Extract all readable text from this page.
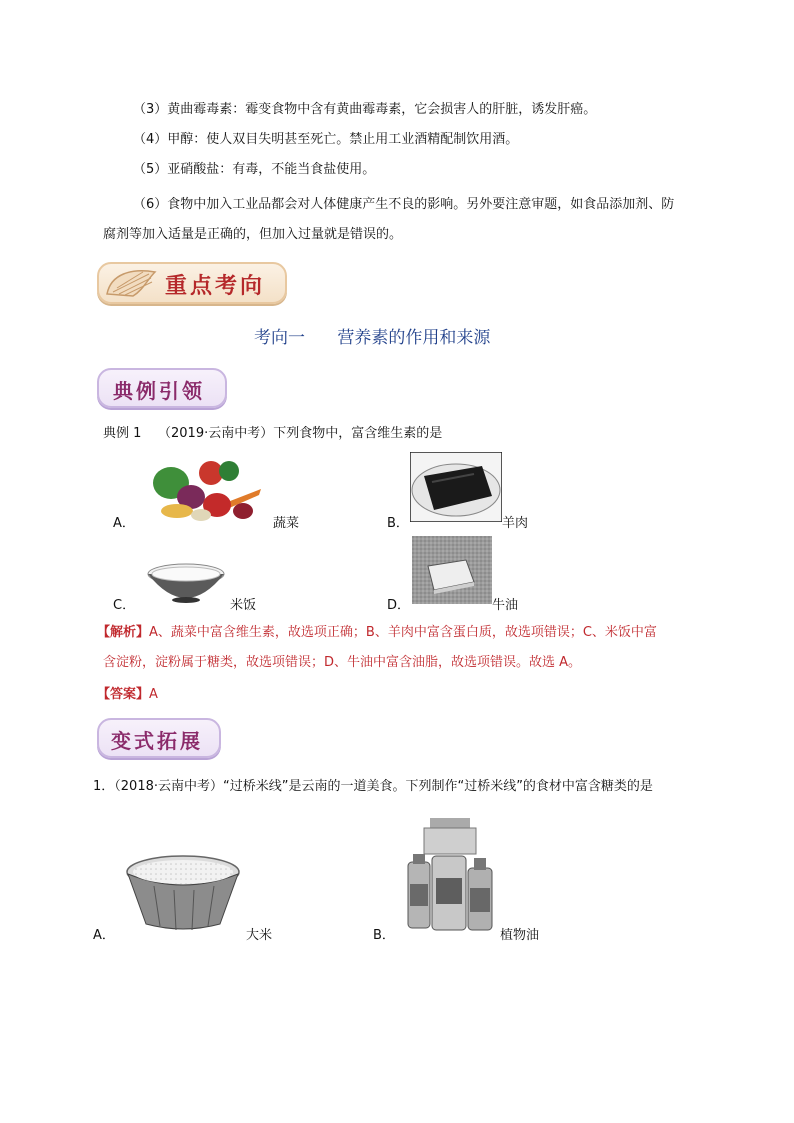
（3）黄曲霉毒素：霉变食物中含有黄曲霉毒素，它会损害人的肝脏，诱发肝癌。
（4）甲醇：使人双目失明甚至死亡。禁止用工业酒精配制饮用酒。
（5）亚硝酸盐：有毒，不能当食盐使用。
（6）食物中加入工业品都会对人体健康产生不良的影响。另外要注意审题，如食品添加剂、防
腐剂等加入适量是正确的，但加入过量就是错误的。
重点考向
考向一      营养素的作用和来源
典例引领
典例 1 （2019·云南中考）下列食物中，富含维生素的是
A．	蔬菜	B．	羊肉
C．	米饭	D．	牛油
【解析】A、蔬菜中富含维生素，故选项正确；B、羊肉中富含蛋白质，故选项错误；C、米饭中富
含淀粉，淀粉属于糖类，故选项错误；D、牛油中富含油脂，故选项错误。故选 A。
【答案】A
变式拓展
1．（2018·云南中考）“过桥米线”是云南的一道美食。下列制作“过桥米线”的食材中富含糖类的是
A．	大米	B．	植物油
